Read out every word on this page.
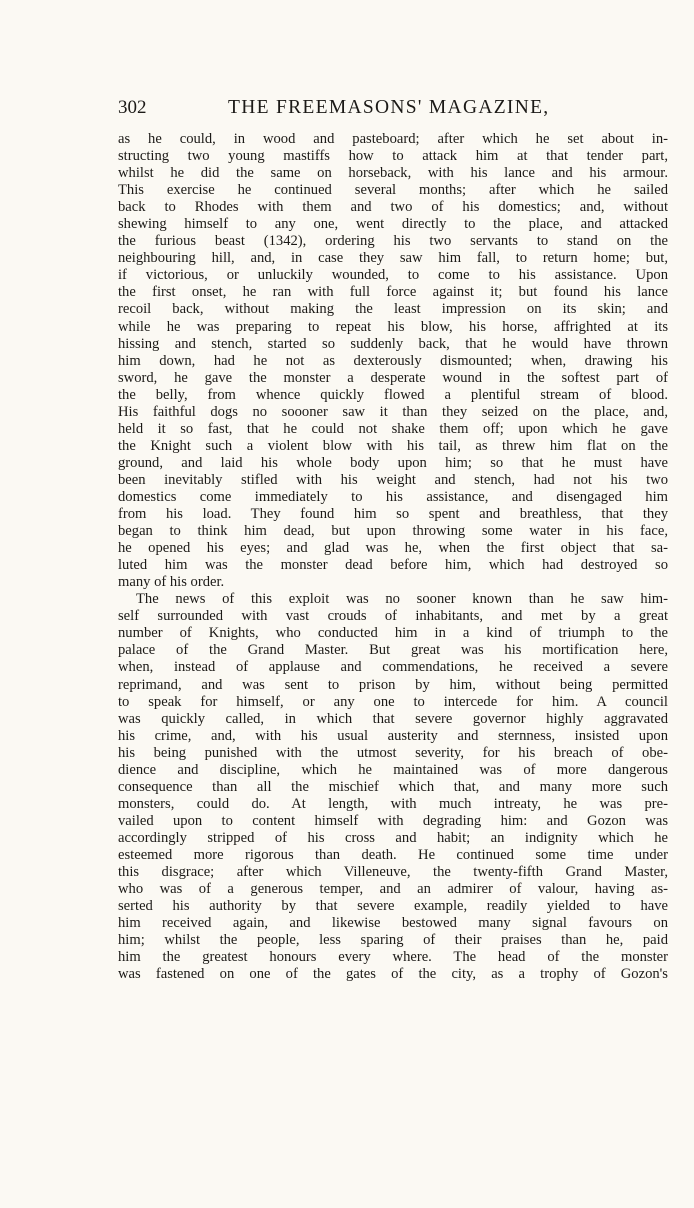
302	THE FREEMASONS' MAGAZINE,
as he could, in wood and pasteboard; after which he set about in-
structing two young mastiffs how to attack him at that tender part,
whilst he did the same on horseback, with his lance and his armour.
This exercise he continued several months; after which he sailed
back to Rhodes with them and two of his domestics; and, without
shewing himself to any one, went directly to the place, and attacked
the furious beast (1342), ordering his two servants to stand on the
neighbouring hill, and, in case they saw him fall, to return home; but,
if victorious, or unluckily wounded, to come to his assistance. Upon
the first onset, he ran with full force against it; but found his lance
recoil back, without making the least impression on its skin; and
while he was preparing to repeat his blow, his horse, affrighted at its
hissing and stench, started so suddenly back, that he would have thrown
him down, had he not as dexterously dismounted; when, drawing his
sword, he gave the monster a desperate wound in the softest part of
the belly, from whence quickly flowed a plentiful stream of blood.
His faithful dogs no soooner saw it than they seized on the place, and,
held it so fast, that he could not shake them off; upon which he gave
the Knight such a violent blow with his tail, as threw him flat on the
ground, and laid his whole body upon him; so that he must have
been inevitably stifled with his weight and stench, had not his two
domestics come immediately to his assistance, and disengaged him
from his load. They found him so spent and breathless, that they
began to think him dead, but upon throwing some water in his face,
he opened his eyes; and glad was he, when the first object that sa-
luted him was the monster dead before him, which had destroyed so
many of his order.
The news of this exploit was no sooner known than he saw him-
self surrounded with vast crouds of inhabitants, and met by a great
number of Knights, who conducted him in a kind of triumph to the
palace of the Grand Master. But great was his mortification here,
when, instead of applause and commendations, he received a severe
reprimand, and was sent to prison by him, without being permitted
to speak for himself, or any one to intercede for him. A council
was quickly called, in which that severe governor highly aggravated
his crime, and, with his usual austerity and sternness, insisted upon
his being punished with the utmost severity, for his breach of obe-
dience and discipline, which he maintained was of more dangerous
consequence than all the mischief which that, and many more such
monsters, could do. At length, with much intreaty, he was pre-
vailed upon to content himself with degrading him: and Gozon was
accordingly stripped of his cross and habit; an indignity which he
esteemed more rigorous than death. He continued some time under
this disgrace; after which Villeneuve, the twenty-fifth Grand Master,
who was of a generous temper, and an admirer of valour, having as-
serted his authority by that severe example, readily yielded to have
him received again, and likewise bestowed many signal favours on
him; whilst the people, less sparing of their praises than he, paid
him the greatest honours every where. The head of the monster
was fastened on one of the gates of the city, as a trophy of Gozon's
